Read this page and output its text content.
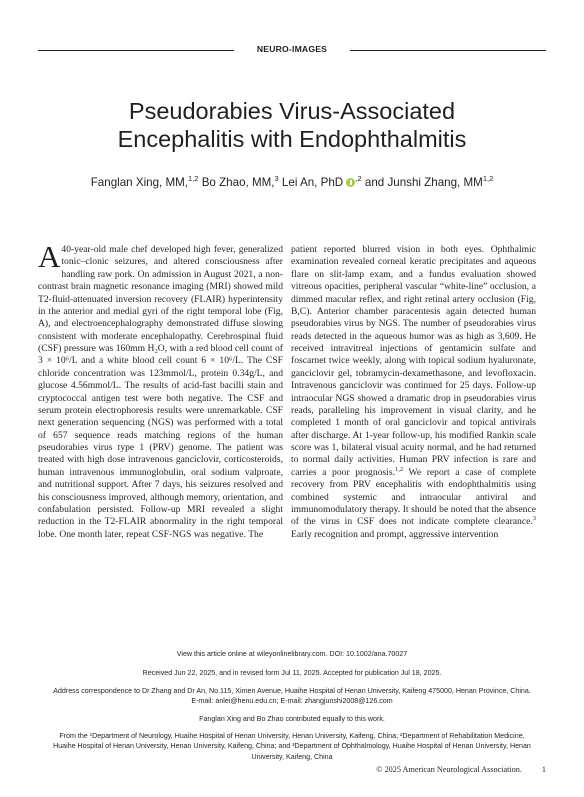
NEURO-IMAGES
Pseudorabies Virus-Associated
Encephalitis with Endophthalmitis
Fanglan Xing, MM,$^{1,2}$ Bo Zhao, MM,$^3$ Lei An, PhD $^{,2}$ and Junshi Zhang, MM$^{1,2}$

A 40-year-old male chef developed high fever, generalized tonic–clonic seizures, and altered consciousness after handling raw pork. On admission in August 2021, a non-contrast brain magnetic resonance imaging (MRI) showed mild T2-fluid-attenuated inversion recovery (FLAIR) hyperintensity in the anterior and medial gyri of the right temporal lobe (Fig, A), and electroencephalography demonstrated diffuse slowing consistent with moderate encephalopathy. Cerebrospinal fluid (CSF) pressure was 160mm H₂O, with a red blood cell count of 3 × 10⁶/L and a white blood cell count 6 × 10⁶/L. The CSF chloride concentration was 123mmol/L, protein 0.34g/L, and glucose 4.56mmol/L. The results of acid-fast bacilli stain and cryptococcal antigen test were both negative. The CSF and serum protein electrophoresis results were unremarkable. CSF next generation sequencing (NGS) was performed with a total of 657 sequence reads matching regions of the human pseudorabies virus type 1 (PRV) genome. The patient was treated with high dose intravenous ganciclovir, corticosteroids, human intravenous immunoglobulin, oral sodium valproate, and nutritional support. After 7 days, his seizures resolved and his consciousness improved, although memory, orientation, and confabulation persisted. Follow-up MRI revealed a slight reduction in the T2-FLAIR abnormality in the right temporal lobe. One month later, repeat CSF-NGS was negative. The

patient reported blurred vision in both eyes. Ophthalmic examination revealed corneal keratic precipitates and aqueous flare on slit-lamp exam, and a fundus evaluation showed vitreous opacities, peripheral vascular “white-line” occlusion, a dimmed macular reflex, and right retinal artery occlusion (Fig, B,C). Anterior chamber paracentesis again detected human pseudorabies virus by NGS. The number of pseudorabies virus reads detected in the aqueous humor was as high as 3,609. He received intravitreal injections of gentamicin sulfate and foscarnet twice weekly, along with topical sodium hyaluronate, ganciclovir gel, tobramycin-dexamethasone, and levofloxacin. Intravenous ganciclovir was continued for 25 days. Follow-up intraocular NGS showed a dramatic drop in pseudorabies virus reads, paralleling his improvement in visual clarity, and he completed 1 month of oral ganciclovir and topical antivirals after discharge. At 1-year follow-up, his modified Rankin scale score was 1, bilateral visual acuity normal, and he had returned to normal daily activities. Human PRV infection is rare and carries a poor prognosis.$^{1,2}$ We report a case of complete recovery from PRV encephalitis with endophthalmitis using combined systemic and intraocular antiviral and immunomodulatory therapy. It should be noted that the absence of the virus in CSF does not indicate complete clearance.$^3$ Early recognition and prompt, aggressive intervention

View this article online at wileyonlinelibrary.com. DOI: 10.1002/ana.70027
Received Jun 22, 2025, and in revised form Jul 11, 2025. Accepted for publication Jul 18, 2025.
Address correspondence to Dr Zhang and Dr An, No.115, Ximen Avenue, Huaihe Hospital of Henan University, Kaifeng 475000, Henan Province, China.
E-mail: anlei@henu.edu.cn; E-mail: zhangjunshi2008@126.com
Fanglan Xing and Bo Zhao contributed equally to this work.
From the ¹Department of Neurology, Huaihe Hospital of Henan University, Henan University, Kaifeng, China; ²Department of Rehabilitation Medicine,
Huaihe Hospital of Henan University, Henan University, Kaifeng, China; and ³Department of Ophthalmology, Huaihe Hospital of Henan University, Henan
University, Kaifeng, China
© 2025 American Neurological Association. 1
